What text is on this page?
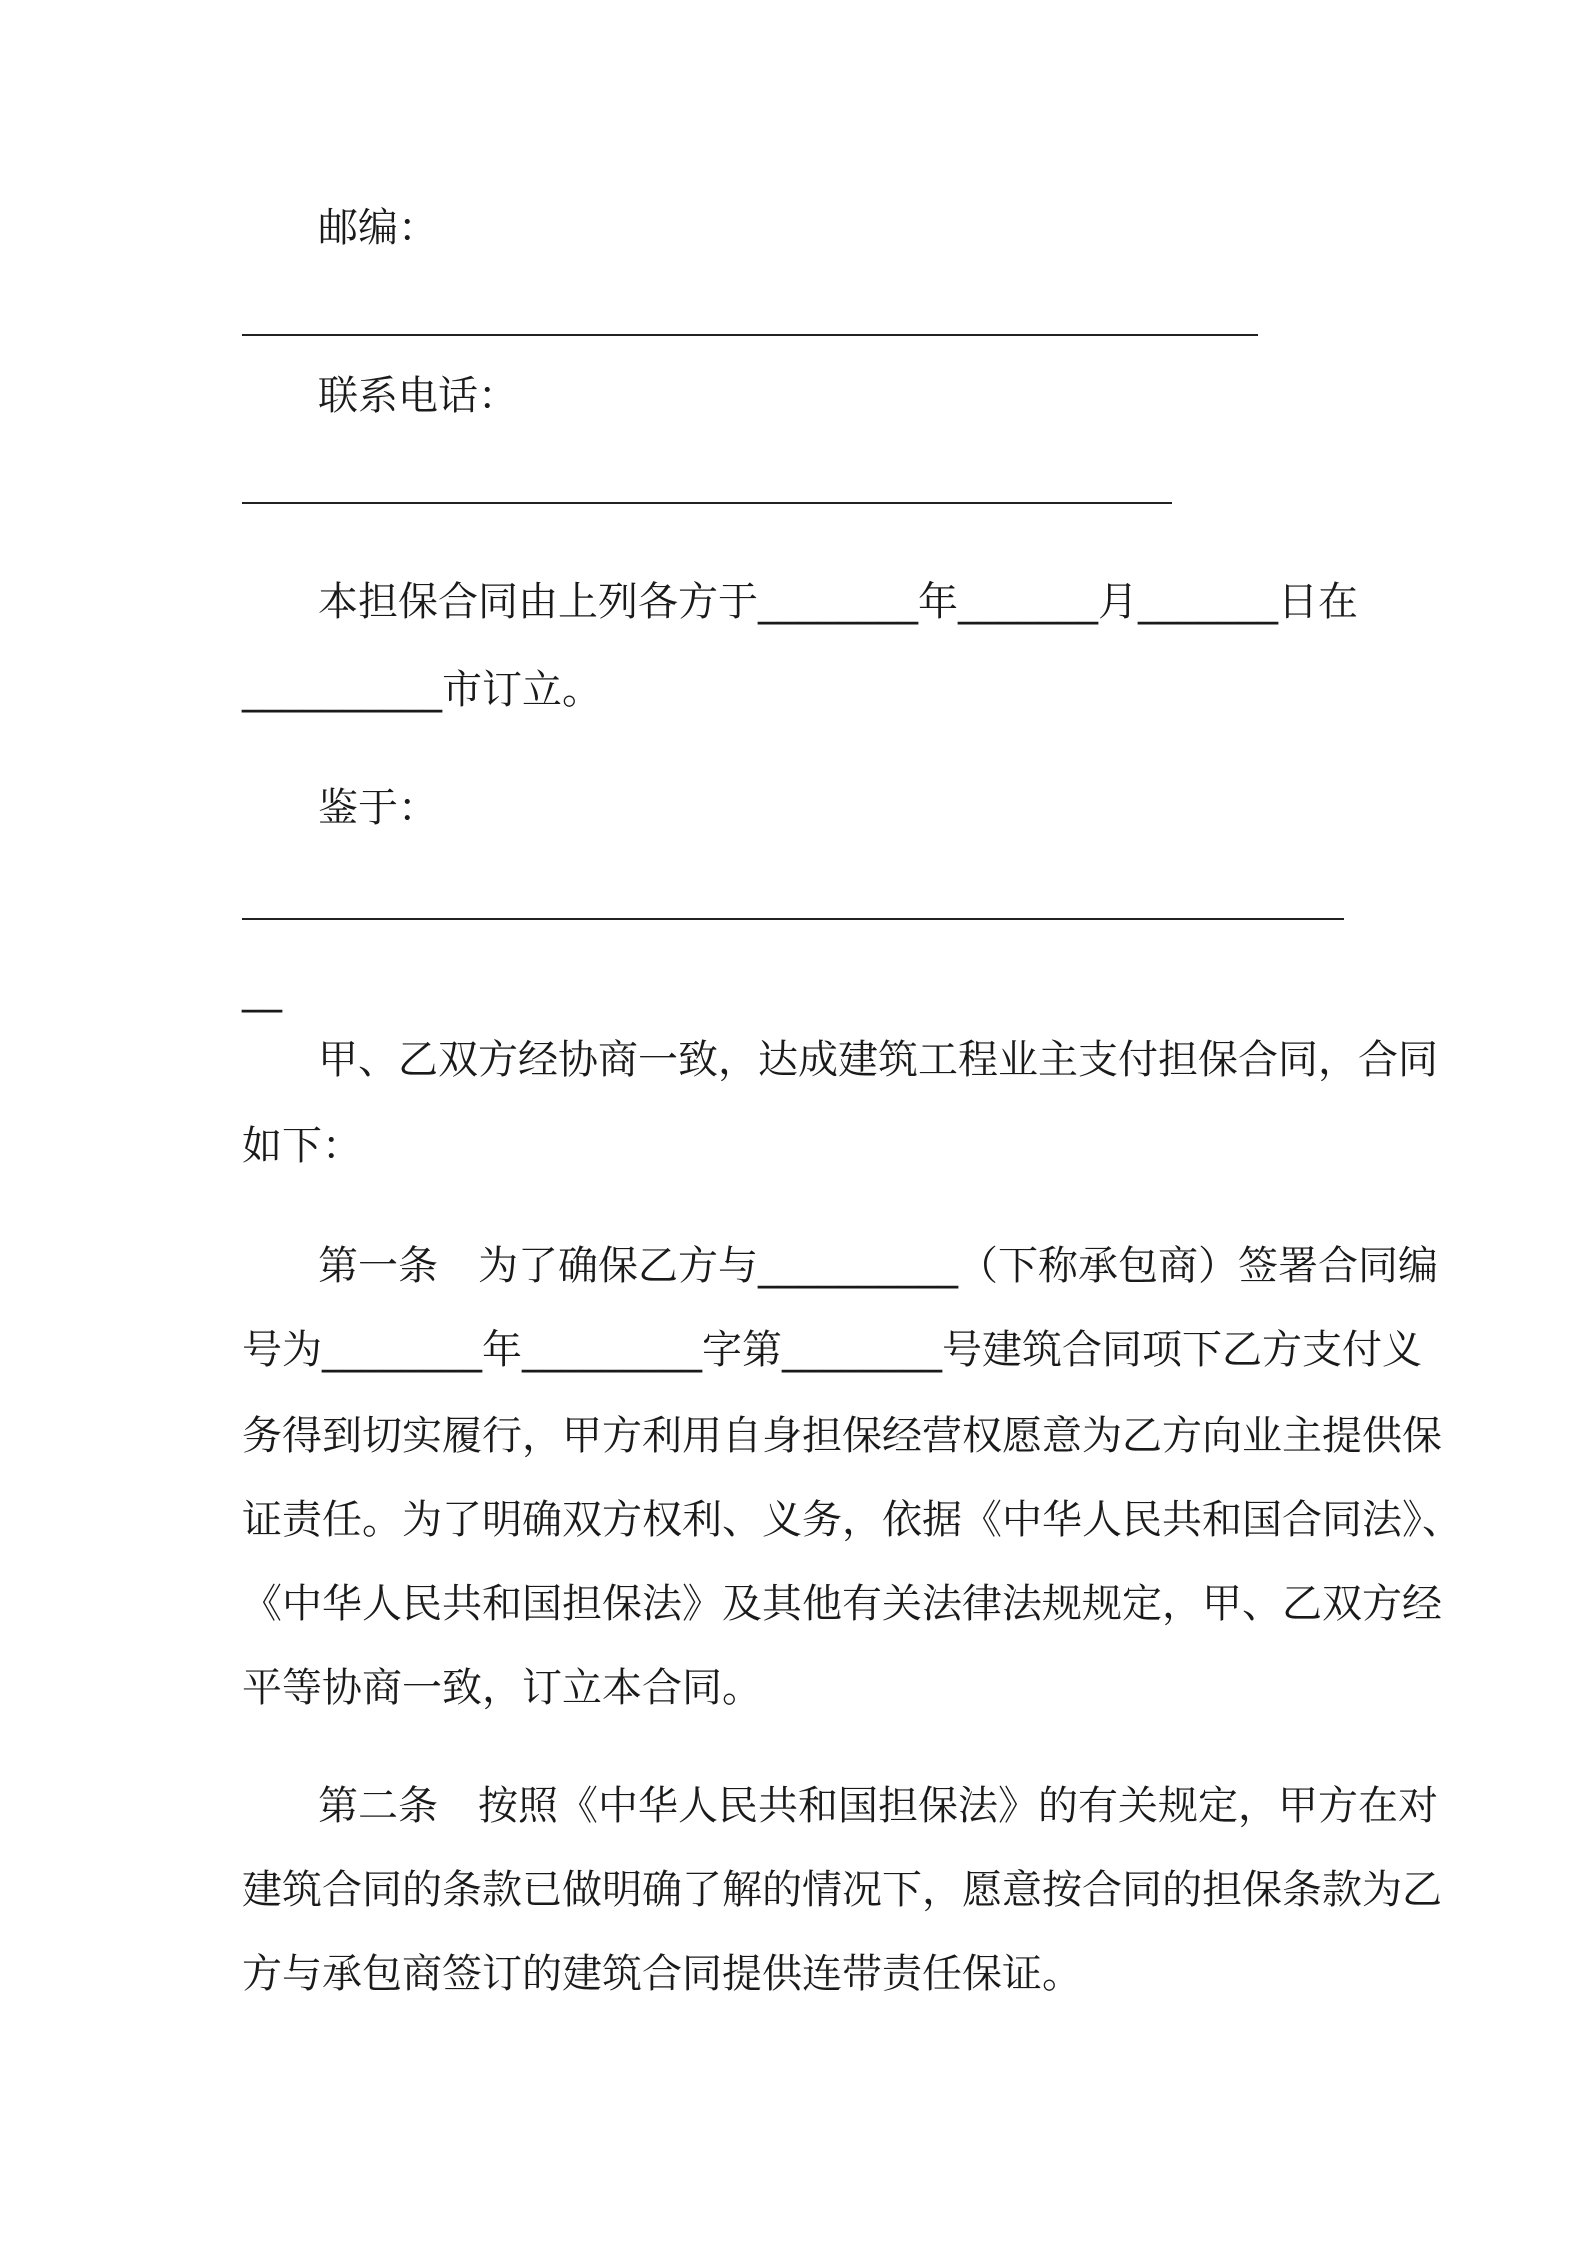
邮编：
联系电话：
本担保合同由上列各方于________年_______月_______日在
__________市订立。
鉴于：
__
甲、乙双方经协商一致，达成建筑工程业主支付担保合同，合同
如下：
第一条　为了确保乙方与__________（下称承包商）签署合同编
号为________年_________字第________号建筑合同项下乙方支付义
务得到切实履行，甲方利用自身担保经营权愿意为乙方向业主提供保
证责任。为了明确双方权利、义务，依据《中华人民共和国合同法》、
《中华人民共和国担保法》及其他有关法律法规规定，甲、乙双方经
平等协商一致，订立本合同。
第二条　按照《中华人民共和国担保法》的有关规定，甲方在对
建筑合同的条款已做明确了解的情况下，愿意按合同的担保条款为乙
方与承包商签订的建筑合同提供连带责任保证。
